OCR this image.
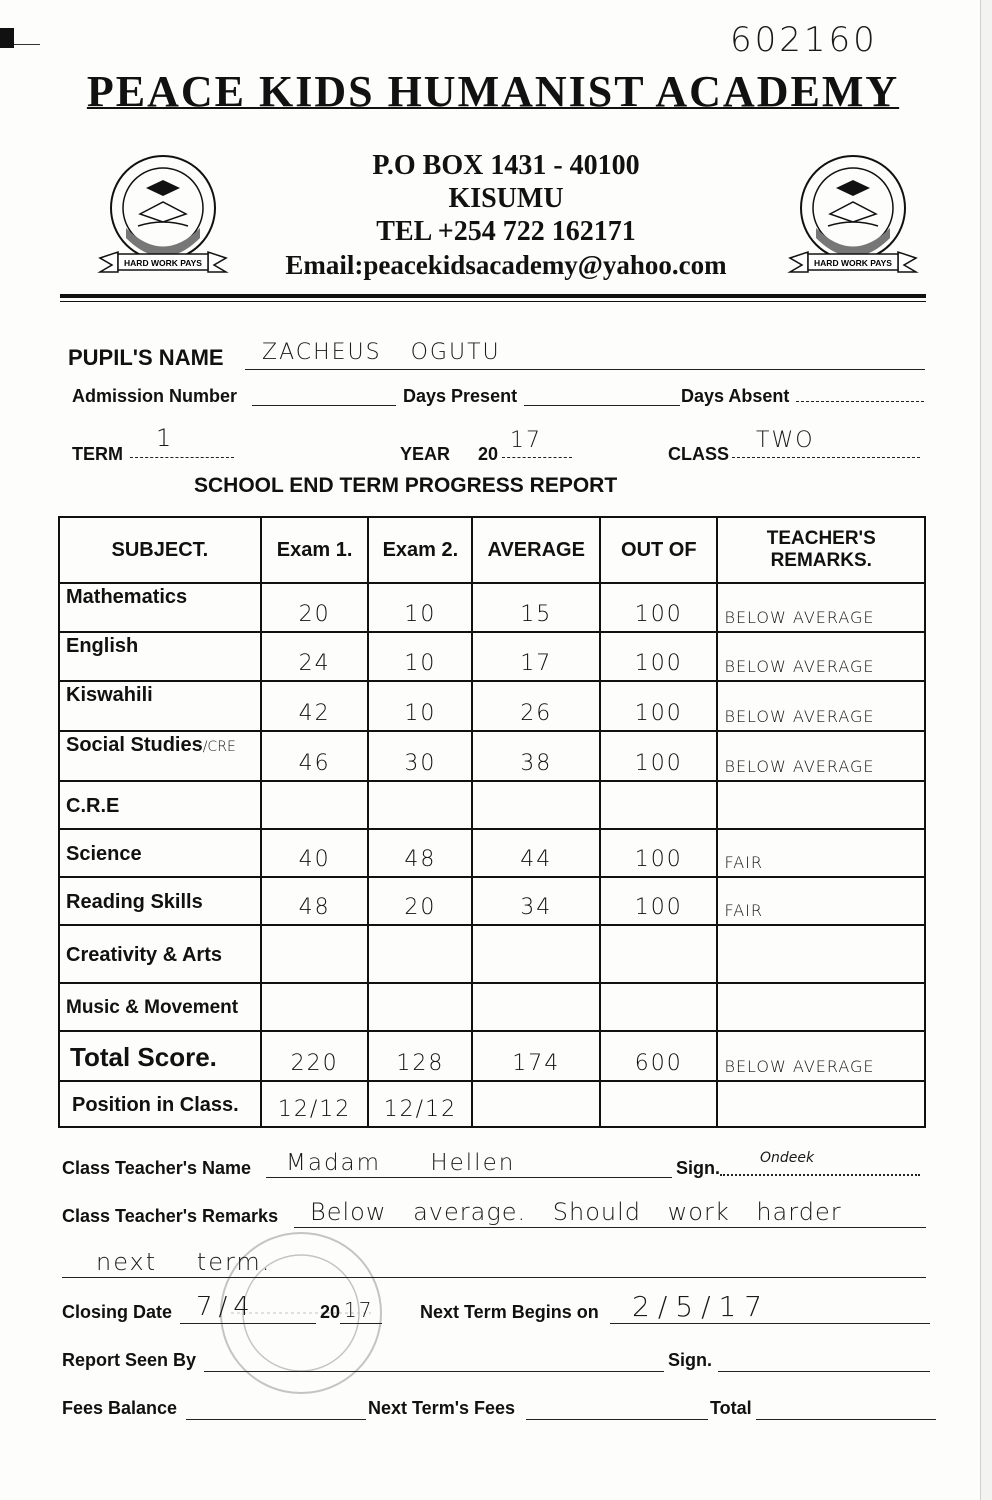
602160
PEACE KIDS HUMANIST ACADEMY
HARD WORK PAYS	HARD WORK PAYS
P.O BOX 1431 - 40100
KISUMU
TEL +254 722 162171
Email:peacekidsacademy@yahoo.com
PUPIL'S NAME ZACHEUS OGUTU
Admission Number	Days Present	Days Absent
TERM
1
YEAR 20
17
CLASS
TWO
SCHOOL END TERM PROGRESS REPORT
SUBJECT.	Exam 1.	Exam 2.	AVERAGE	OUT OF	TEACHER'S REMARKS.
Mathematics	20	10	15	100	BELOW AVERAGE
English	24	10	17	100	BELOW AVERAGE
Kiswahili	42	10	26	100	BELOW AVERAGE
Social Studies/CRE	46	30	38	100	BELOW AVERAGE
C.R.E					
Science	40	48	44	100	FAIR
Reading Skills	48	20	34	100	FAIR
Creativity & Arts					
Music & Movement					
Total Score.	220	128	174	600	BELOW AVERAGE
Position in Class.	12/12	12/12			
Class Teacher's Name Madam Hellen	Sign.	Ondeek
Class Teacher's Remarks Below average. Should work harder
next term.
Closing Date 7/4	20 17	Next Term Begins on 2/5/17
Report Seen By	Sign.
Fees Balance	Next Term's Fees	Total
